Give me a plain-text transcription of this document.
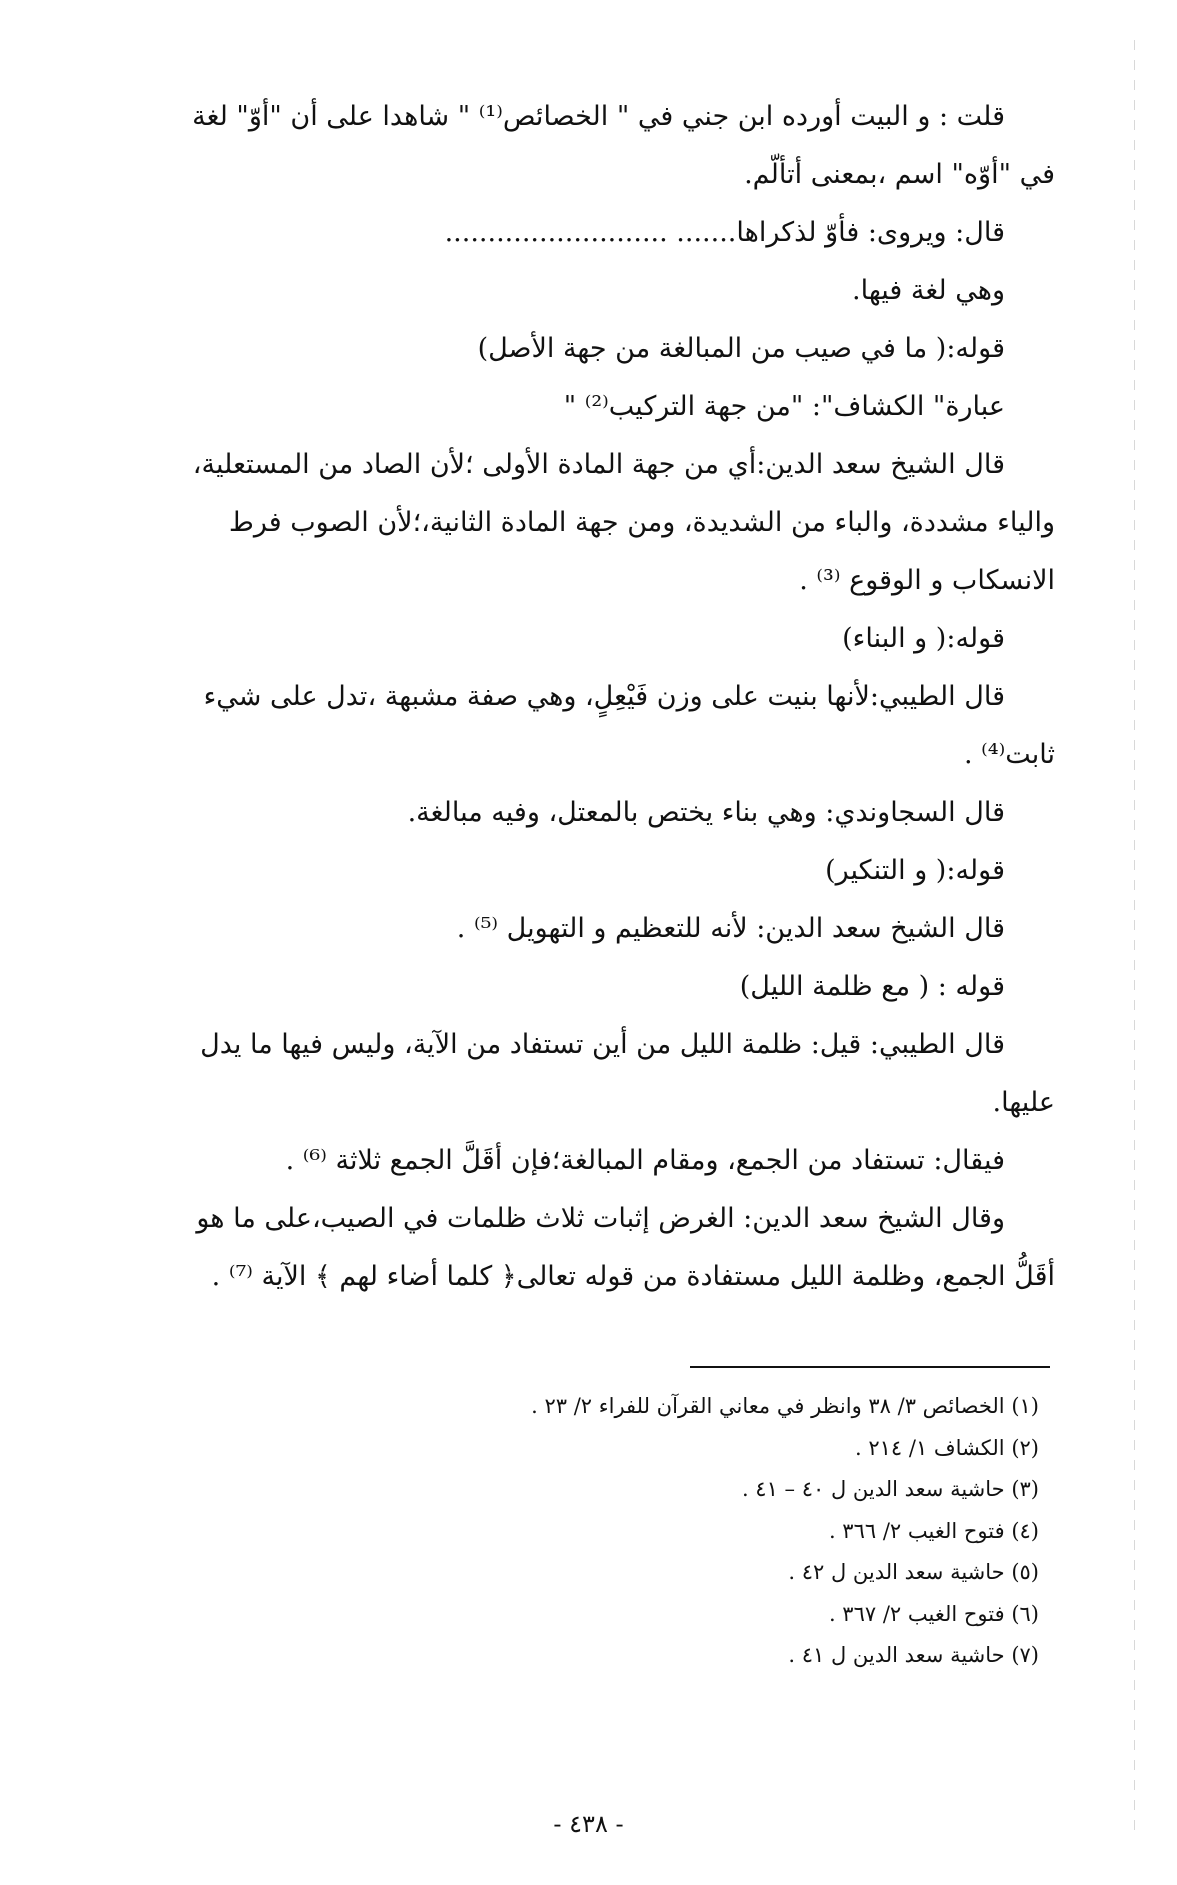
قلت : و البيت أورده ابن جني في " الخصائص⁽¹⁾ " شاهدا على أن "أوّ" لغة

في "أوّه" اسم ،بمعنى أتألّم.

قال: ويروى: فأوّ لذكراها....... ..........................

وهي لغة فيها.

قوله:( ما في صيب من المبالغة من جهة الأصل)

عبارة" الكشاف": "من جهة التركيب⁽²⁾ "

قال الشيخ سعد الدين:أي من جهة المادة الأولى ؛لأن الصاد من المستعلية،

والياء مشددة، والباء من الشديدة، ومن جهة المادة الثانية،؛لأن الصوب فرط

الانسكاب و الوقوع ⁽³⁾ .

قوله:( و البناء)

قال الطيبي:لأنها بنيت على وزن فَيْعِلٍ، وهي صفة مشبهة ،تدل على شيء

ثابت⁽⁴⁾ .

قال السجاوندي: وهي بناء يختص بالمعتل، وفيه مبالغة.

قوله:( و التنكير)

قال الشيخ سعد الدين: لأنه للتعظيم و التهويل ⁽⁵⁾ .

قوله : ( مع ظلمة الليل)

قال الطيبي: قيل: ظلمة الليل من أين تستفاد من الآية، وليس فيها ما يدل

عليها.

فيقال: تستفاد من الجمع، ومقام المبالغة؛فإن أقَلَّ الجمع ثلاثة ⁽⁶⁾ .

وقال الشيخ سعد الدين: الغرض إثبات ثلاث ظلمات في الصيب،على ما هو

أقَلُّ الجمع، وظلمة الليل مستفادة من قوله تعالى﴿ كلما أضاء لهم ﴾ الآية ⁽⁷⁾ .

(١) الخصائص ٣/ ٣٨ وانظر في معاني القرآن للفراء ٢/ ٢٣ .
(٢) الكشاف ١/ ٢١٤ .
(٣) حاشية سعد الدين ل ٤٠ – ٤١ .
(٤) فتوح الغيب ٢/ ٣٦٦ .
(٥) حاشية سعد الدين ل ٤٢ .
(٦) فتوح الغيب ٢/ ٣٦٧ .
(٧) حاشية سعد الدين ل ٤١ .
- ٤٣٨ -
